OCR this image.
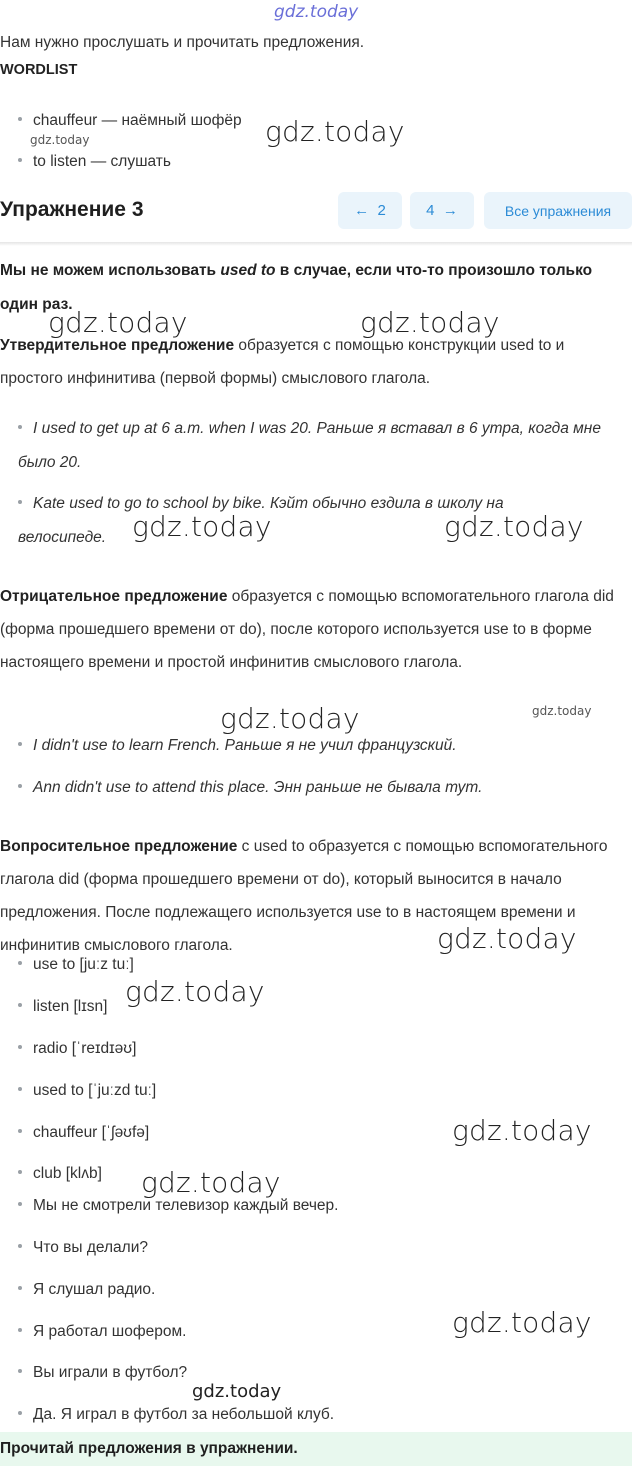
gdz.today
Нам нужно прослушать и прочитать предложения.
WORDLIST
chauffeur — наёмный шофёр
gdz.today	gdz.today
to listen — слушать
Упражнение 3	←
2	4
→	Все упражнения
Мы не можем использовать used to в случае, если что-то произошло только один раз.
gdz.today	gdz.today
Утвердительное предложение образуется с помощью конструкции used to и простого инфинитива (первой формы) смыслового глагола.
I used to get up at 6 a.m. when I was 20. Раньше я вставал в 6 утра, когда мне было 20.
Kate used to go to school by bike. Кэйт обычно ездила в школу на велосипеде. gdz.today	gdz.today
Отрицательное предложение образуется с помощью вспомогательного глагола did (форма прошедшего времени от do), после которого используется use to в форме настоящего времени и простой инфинитив смыслового глагола.
gdz.today	gdz.today
I didn't use to learn French. Раньше я не учил французский.
Ann didn't use to attend this place. Энн раньше не бывала тут.
Вопросительное предложение с used to образуется с помощью вспомогательного глагола did (форма прошедшего времени от do), который выносится в начало предложения. После подлежащего используется use to в настоящем времени и инфинитив смыслового глагола.	gdz.today
use to [juːz tuː]
listen [lɪsn] gdz.today
radio [ˈreɪdɪəʊ]
used to [ˈjuːzd tuː]
chauffeur [ˈʃəʊfə]	gdz.today
club [klʌb] gdz.today
Мы не смотрели телевизор каждый вечер.
Что вы делали?
Я слушал радио.
Я работал шофером.	gdz.today
Вы играли в футбол?
gdz.today
Да. Я играл в футбол за небольшой клуб.
Прочитай предложения в упражнении.
